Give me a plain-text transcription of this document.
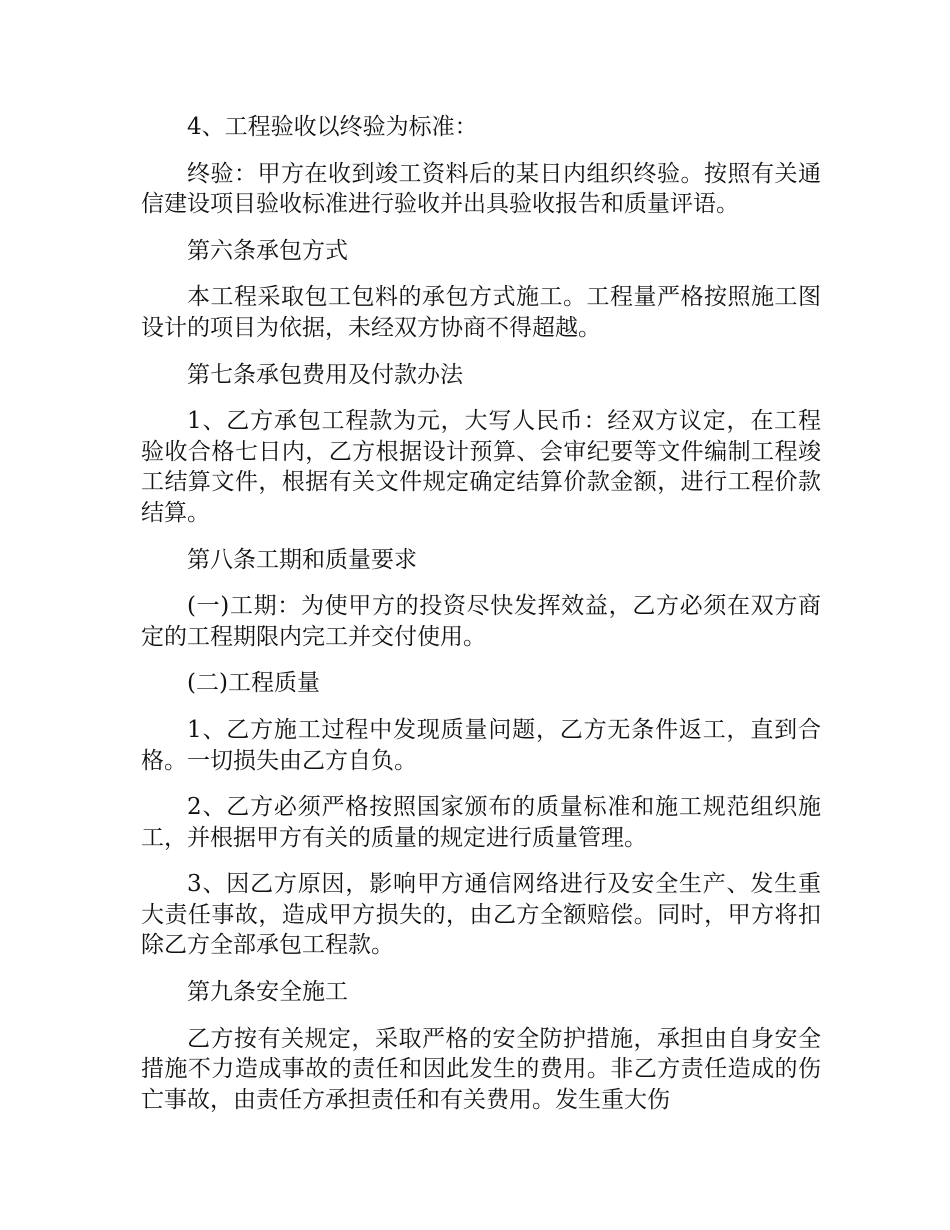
4、工程验收以终验为标准：

终验：甲方在收到竣工资料后的某日内组织终验。按照有关通信建设项目验收标准进行验收并出具验收报告和质量评语。

第六条承包方式

本工程采取包工包料的承包方式施工。工程量严格按照施工图设计的项目为依据，未经双方协商不得超越。

第七条承包费用及付款办法

1、乙方承包工程款为元，大写人民币：经双方议定，在工程验收合格七日内，乙方根据设计预算、会审纪要等文件编制工程竣工结算文件，根据有关文件规定确定结算价款金额，进行工程价款结算。

第八条工期和质量要求

(一)工期：为使甲方的投资尽快发挥效益，乙方必须在双方商定的工程期限内完工并交付使用。

(二)工程质量

1、乙方施工过程中发现质量问题，乙方无条件返工，直到合格。一切损失由乙方自负。

2、乙方必须严格按照国家颁布的质量标准和施工规范组织施工，并根据甲方有关的质量的规定进行质量管理。

3、因乙方原因，影响甲方通信网络进行及安全生产、发生重大责任事故，造成甲方损失的，由乙方全额赔偿。同时，甲方将扣除乙方全部承包工程款。

第九条安全施工

乙方按有关规定，采取严格的安全防护措施，承担由自身安全措施不力造成事故的责任和因此发生的费用。非乙方责任造成的伤亡事故，由责任方承担责任和有关费用。发生重大伤
